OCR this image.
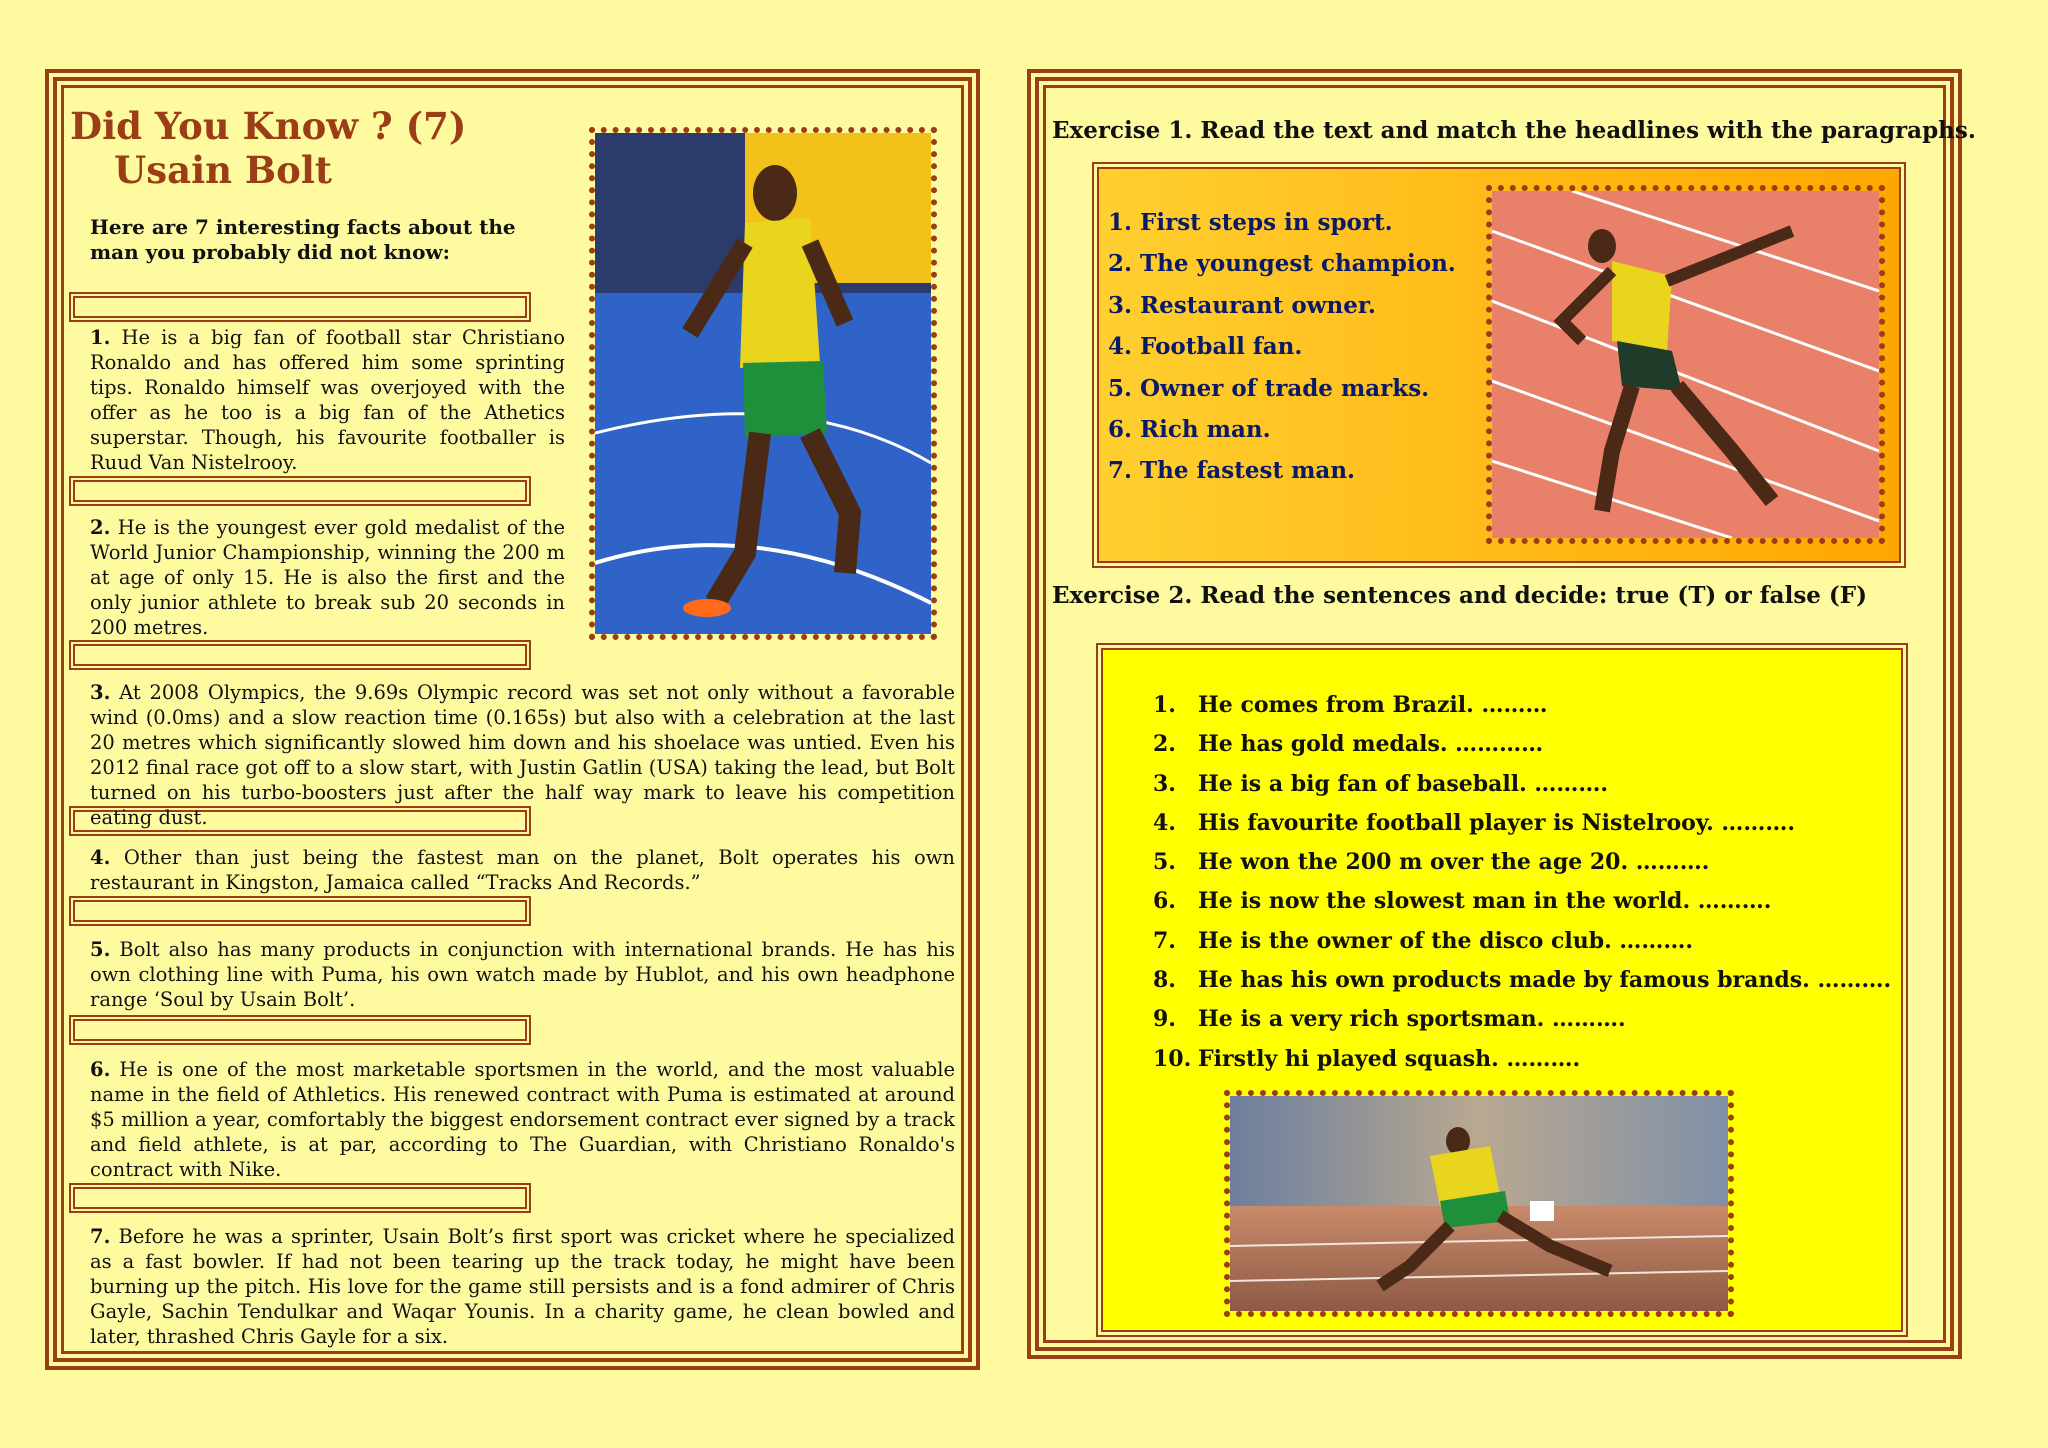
Did You Know ? (7)
Usain Bolt

Here are 7 interesting facts about the man you probably did not know:

1. He is a big fan of football star Christiano Ronaldo and has offered him some sprinting tips. Ronaldo himself was overjoyed with the offer as he too is a big fan of the Athetics superstar. Though, his favourite footballer is Ruud Van Nistelrooy.

2. He is the youngest ever gold medalist of the World Junior Championship, winning the 200 m at age of only 15. He is also the first and the only junior athlete to break sub 20 seconds in 200 metres.

3. At 2008 Olympics, the 9.69s Olympic record was set not only without a favorable wind (0.0ms) and a slow reaction time (0.165s) but also with a celebration at the last 20 metres which significantly slowed him down and his shoelace was untied. Even his 2012 final race got off to a slow start, with Justin Gatlin (USA) taking the lead, but Bolt turned on his turbo-boosters just after the half way mark to leave his competition eating dust.

4. Other than just being the fastest man on the planet, Bolt operates his own restaurant in Kingston, Jamaica called “Tracks And Records.”

5. Bolt also has many products in conjunction with international brands. He has his own clothing line with Puma, his own watch made by Hublot, and his own headphone range ‘Soul by Usain Bolt’.

6. He is one of the most marketable sportsmen in the world, and the most valuable name in the field of Athletics. His renewed contract with Puma is estimated at around $5 million a year, comfortably the biggest endorsement contract ever signed by a track and field athlete, is at par, according to The Guardian, with Christiano Ronaldo's contract with Nike.

7. Before he was a sprinter, Usain Bolt’s first sport was cricket where he specialized as a fast bowler. If had not been tearing up the track today, he might have been burning up the pitch. His love for the game still persists and is a fond admirer of Chris Gayle, Sachin Tendulkar and Waqar Younis. In a charity game, he clean bowled and later, thrashed Chris Gayle for a six.

Exercise 1. Read the text and match the headlines with the paragraphs.

1. First steps in sport.
2. The youngest champion.
3. Restaurant owner.
4. Football fan.
5. Owner of trade marks.
6. Rich man.
7. The fastest man.

Exercise 2. Read the sentences and decide: true (T) or false (F)

1. He comes from Brazil. ………
2. He has gold medals. …………
3. He is a big fan of baseball. ……….
4. His favourite football player is Nistelrooy. ……….
5. He won the 200 m over the age 20. ……….
6. He is now the slowest man in the world. ……….
7. He is the owner of the disco club. ……….
8. He has his own products made by famous brands. ……….
9. He is a very rich sportsman. ……….
10. Firstly hi played squash. ……….
